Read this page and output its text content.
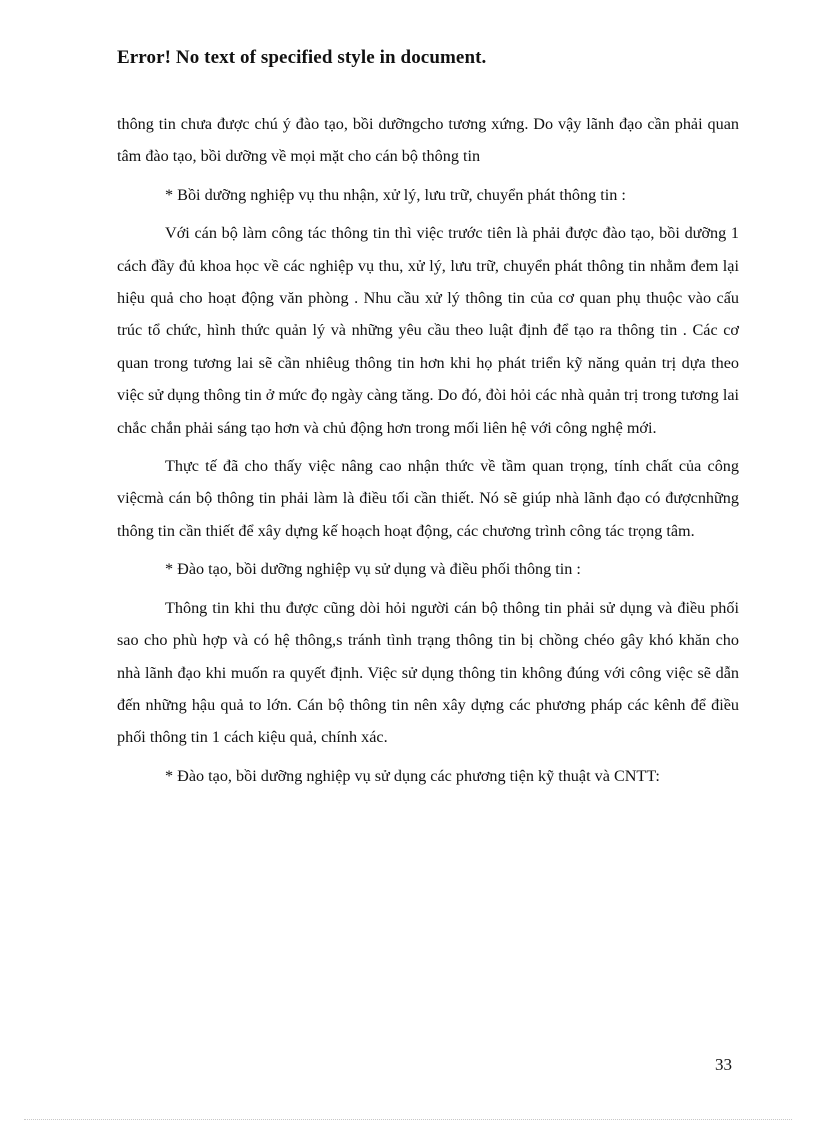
Error! No text of specified style in document.

thông tin chưa được chú ý đào tạo, bồi dưỡngcho tương xứng. Do vậy lãnh đạo cần phải quan tâm đào tạo, bồi dưỡng về mọi mặt cho cán bộ thông tin

* Bồi dưỡng nghiệp vụ thu nhận, xử lý, lưu trữ, chuyển phát thông tin :

Với cán bộ làm công tác thông tin thì việc trước tiên là phải được đào tạo, bồi dưỡng 1 cách đầy đủ khoa học về các nghiệp vụ thu, xử lý, lưu trữ, chuyển phát thông tin nhằm đem lại hiệu quả cho hoạt động văn phòng . Nhu cầu xử lý thông tin của cơ quan phụ thuộc vào cấu trúc tổ chức, hình thức quản lý và những yêu cầu theo luật định để tạo ra thông tin . Các cơ quan trong tương lai sẽ cần nhiêug thông tin hơn khi họ phát triển kỹ năng quản trị dựa theo việc sử dụng thông tin ở mức đọ ngày càng tăng. Do đó, đòi hỏi các nhà quản trị trong tương lai chắc chắn phải sáng tạo hơn và chủ động hơn trong mối liên hệ với công nghệ mới.

Thực tế đã cho thấy việc nâng cao nhận thức về tầm quan trọng, tính chất của công việcmà cán bộ thông tin phải làm là điều tối cần thiết. Nó sẽ giúp nhà lãnh đạo có đượcnhững thông tin cần thiết để xây dựng kế hoạch hoạt động, các chương trình công tác trọng tâm.

* Đào tạo, bồi dưỡng nghiệp vụ sử dụng và điều phối thông tin :

Thông tin khi thu được cũng dòi hỏi người cán bộ thông tin phải sử dụng và điều phối sao cho phù hợp và có hệ thông,s tránh tình trạng thông tin bị chồng chéo gây khó khăn cho nhà lãnh đạo khi muốn ra quyết định. Việc sử dụng thông tin không đúng với công việc sẽ dẫn đến những hậu quả to lớn. Cán bộ thông tin nên xây dựng các phương pháp các kênh để điều phối thông tin 1 cách kiệu quả, chính xác.

* Đào tạo, bồi dưỡng nghiệp vụ sử dụng các phương tiện kỹ thuật và CNTT:

33
